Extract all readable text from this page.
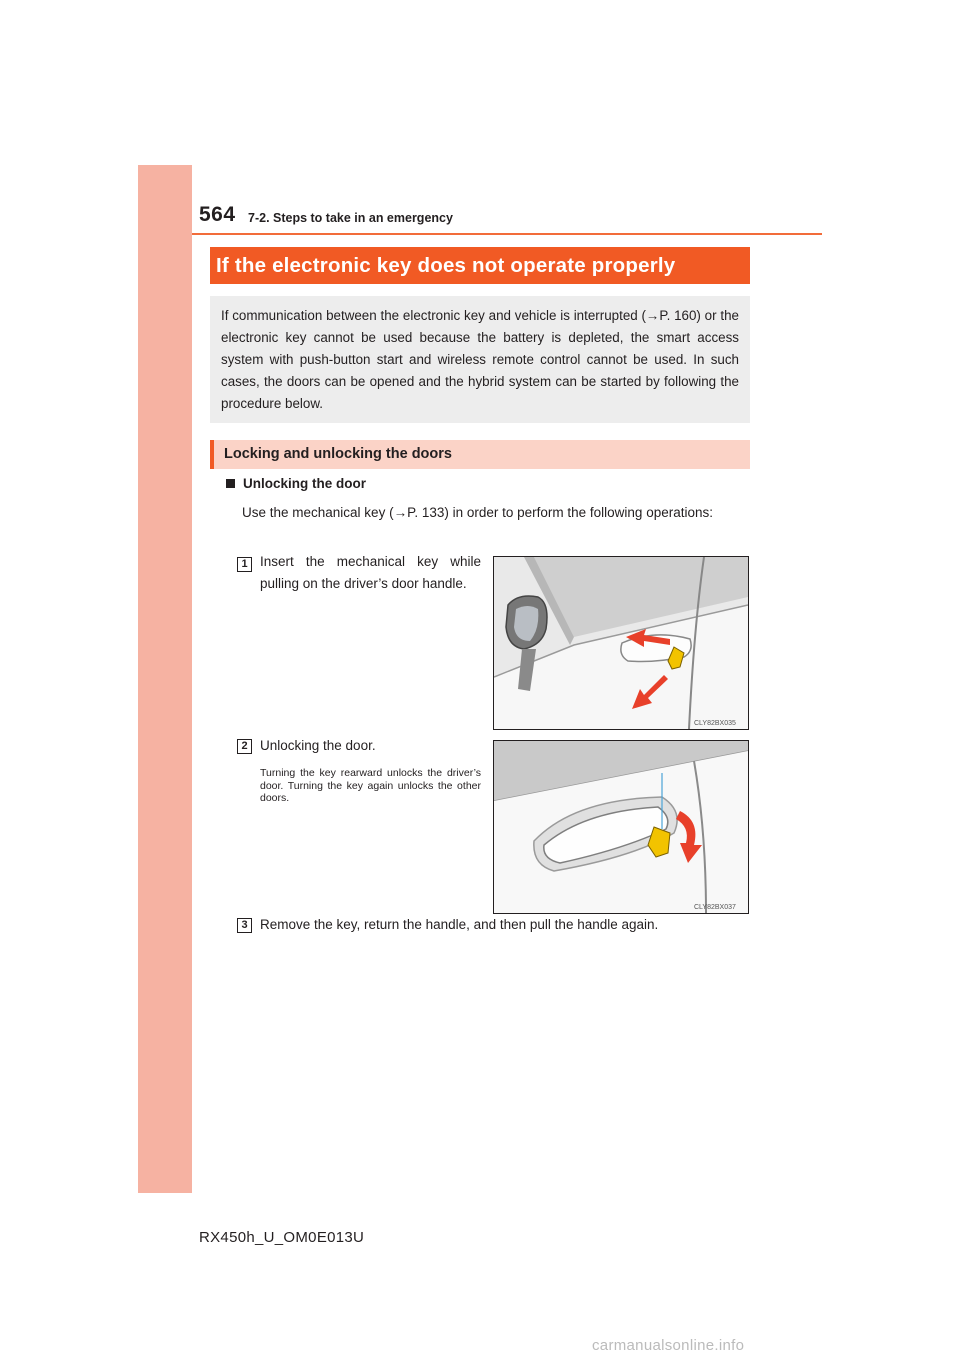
564 7-2. Steps to take in an emergency
If the electronic key does not operate properly
If communication between the electronic key and vehicle is interrupted (→P. 160) or the electronic key cannot be used because the battery is depleted, the smart access system with push-button start and wireless remote control cannot be used. In such cases, the doors can be opened and the hybrid system can be started by following the procedure below.
Locking and unlocking the doors
Unlocking the door
Use the mechanical key (→P. 133) in order to perform the following operations:
1 Insert the mechanical key while pulling on the driver’s door handle.
CLY82BX035
2 Unlocking the door.
Turning the key rearward unlocks the driver’s door. Turning the key again unlocks the other doors.
CLY82BX037
3 Remove the key, return the handle, and then pull the handle again.
RX450h_U_OM0E013U
carmanualsonline.info
